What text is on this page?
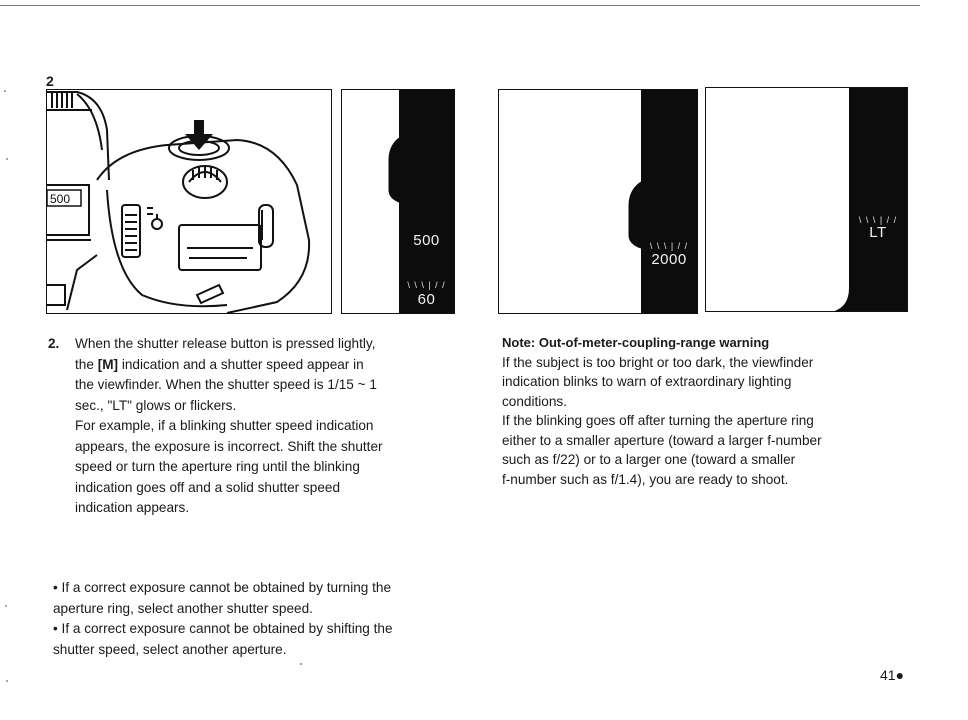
2
500
500
\ \ \ | / /
60
\ \ \ | / /
2000
\ \ \ | / /
LT
2. When the shutter release button is pressed lightly,

the [M] indication and a shutter speed appear in

the viewfinder. When the shutter speed is 1/15 ~ 1

sec., "LT" glows or flickers.

For example, if a blinking shutter speed indication

appears, the exposure is incorrect. Shift the shutter

speed or turn the aperture ring until the blinking

indication goes off and a solid shutter speed

indication appears.

Note: Out-of-meter-coupling-range warning

If the subject is too bright or too dark, the viewfinder

indication blinks to warn of extraordinary lighting

conditions.

If the blinking goes off after turning the aperture ring

either to a smaller aperture (toward a larger f-number

such as f/22) or to a larger one (toward a smaller

f-number such as f/1.4), you are ready to shoot.

• If a correct exposure cannot be obtained by turning the

aperture ring, select another shutter speed.

• If a correct exposure cannot be obtained by shifting the

shutter speed, select another aperture.

41●
